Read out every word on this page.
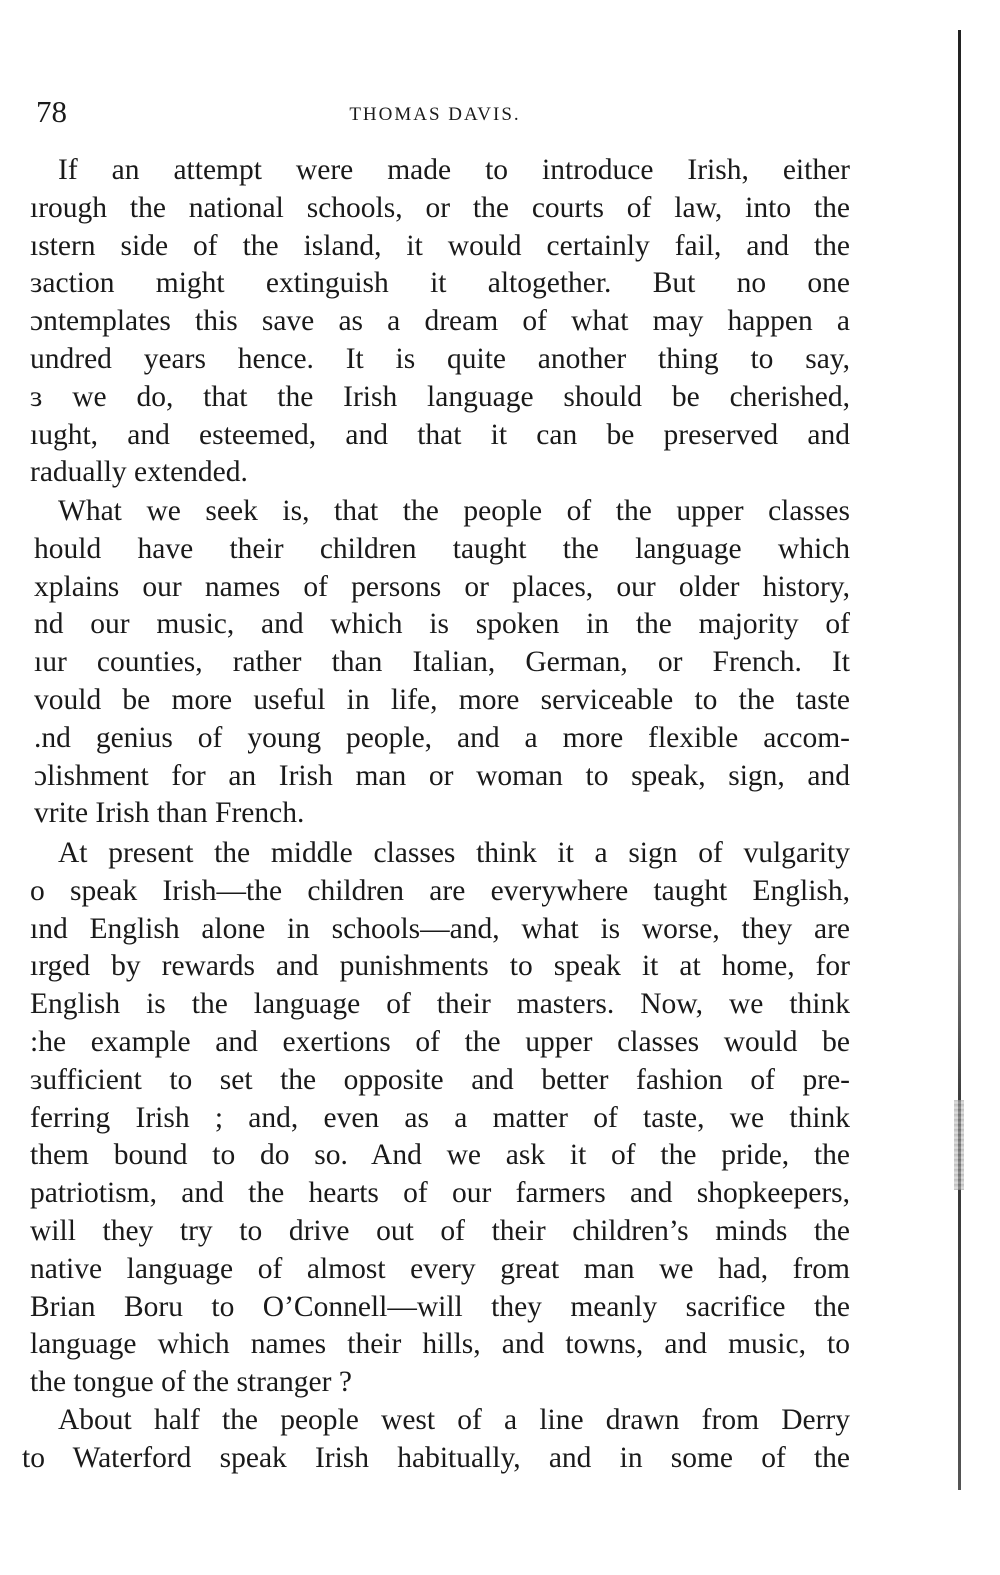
78	THOMAS DAVIS.
If an attempt were made to introduce Irish, either
ırough the national schools, or the courts of law, into the
ıstern side of the island, it would certainly fail, and the
ɜaction might extinguish it altogether. But no one
ɔntemplates this save as a dream of what may happen a
undred years hence. It is quite another thing to say,
ɜ we do, that the Irish language should be cherished,
ıught, and esteemed, and that it can be preserved and
radually extended.
What we seek is, that the people of the upper classes
hould have their children taught the language which
xplains our names of persons or places, our older history,
nd our music, and which is spoken in the majority of
ıur counties, rather than Italian, German, or French. It
vould be more useful in life, more serviceable to the taste
.nd genius of young people, and a more flexible accom-
ɔlishment for an Irish man or woman to speak, sign, and
vrite Irish than French.
At present the middle classes think it a sign of vulgarity
o speak Irish—the children are everywhere taught English,
ınd English alone in schools—and, what is worse, they are
ırged by rewards and punishments to speak it at home, for
English is the language of their masters. Now, we think
:he example and exertions of the upper classes would be
ɜufficient to set the opposite and better fashion of pre-
ferring Irish ; and, even as a matter of taste, we think
them bound to do so. And we ask it of the pride, the
patriotism, and the hearts of our farmers and shopkeepers,
will they try to drive out of their children’s minds the
native language of almost every great man we had, from
Brian Boru to O’Connell—will they meanly sacrifice the
language which names their hills, and towns, and music, to
the tongue of the stranger ?
About half the people west of a line drawn from Derry
to Waterford speak Irish habitually, and in some of the
